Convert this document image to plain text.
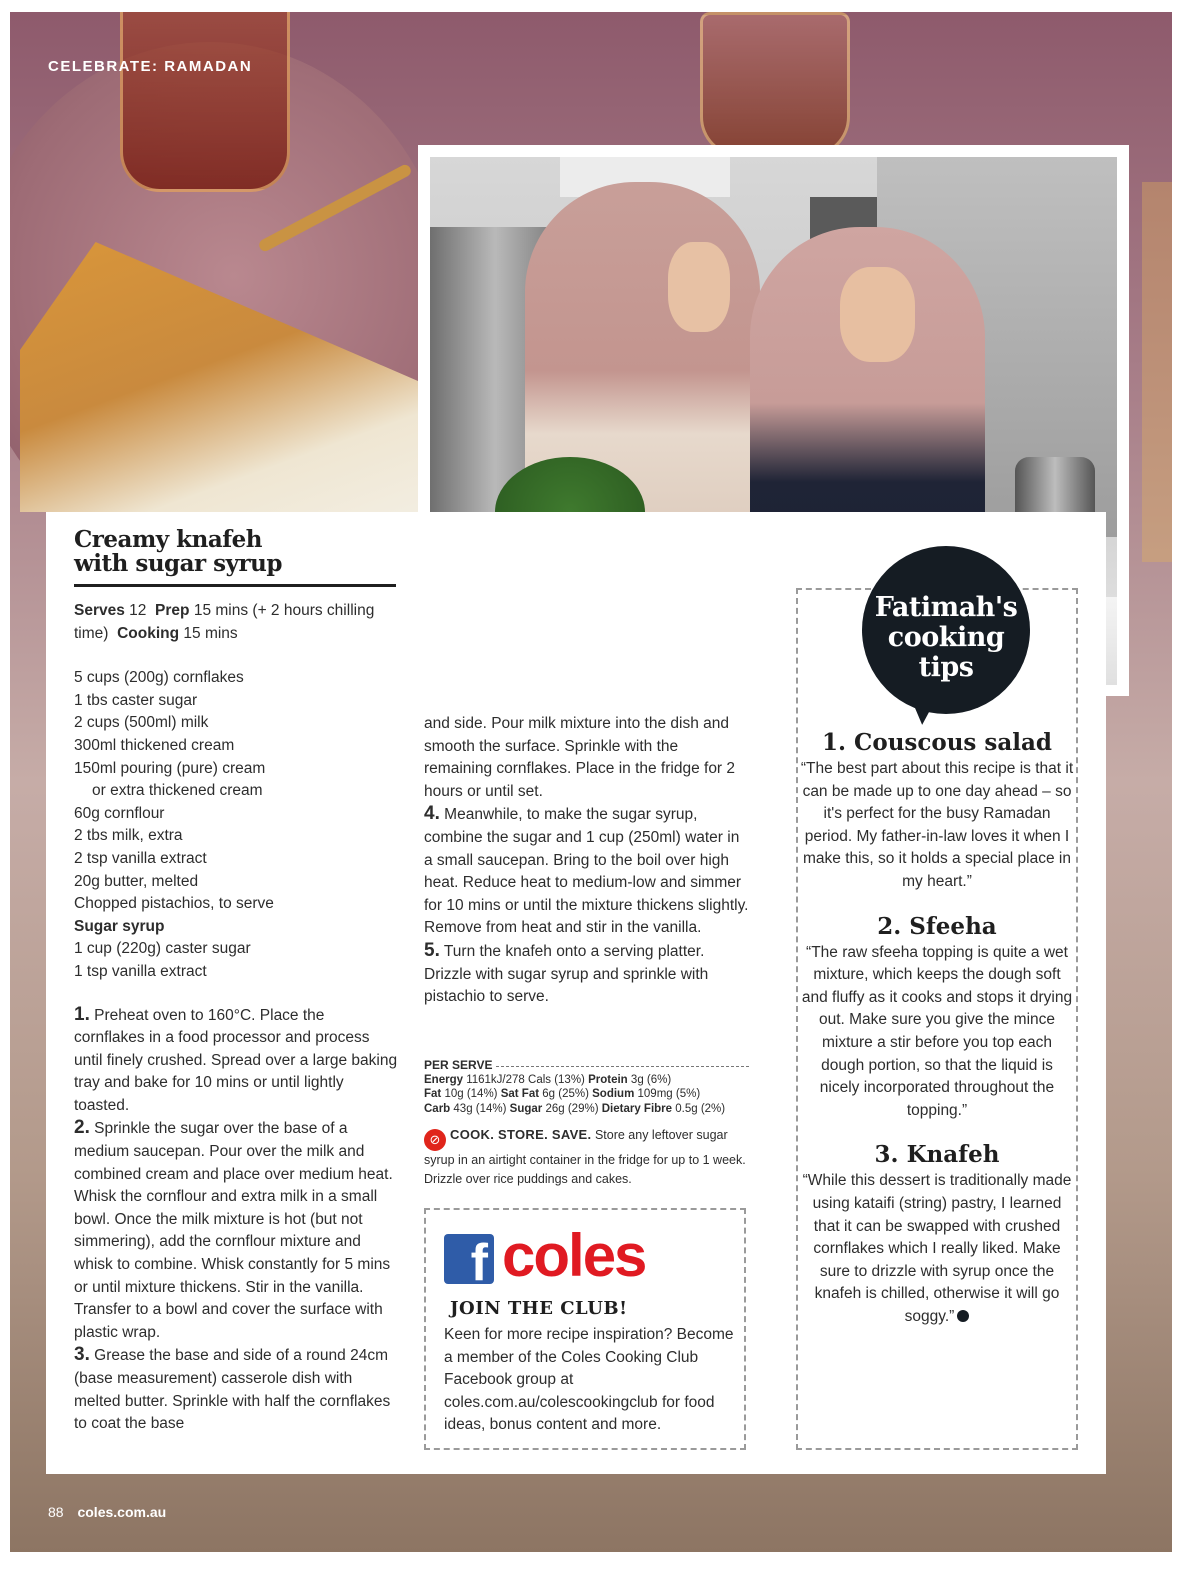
CELEBRATE: RAMADAN
Creamy knafeh
with sugar syrup
Serves 12 Prep 15 mins (+ 2 hours chilling time) Cooking 15 mins
5 cups (200g) cornflakes
1 tbs caster sugar
2 cups (500ml) milk
300ml thickened cream
150ml pouring (pure) cream
or extra thickened cream
60g cornflour
2 tbs milk, extra
2 tsp vanilla extract
20g butter, melted
Chopped pistachios, to serve
Sugar syrup
1 cup (220g) caster sugar
1 tsp vanilla extract
1. Preheat oven to 160°C. Place the cornflakes in a food processor and process until finely crushed. Spread over a large baking tray and bake for 10 mins or until lightly toasted.
2. Sprinkle the sugar over the base of a medium saucepan. Pour over the milk and combined cream and place over medium heat. Whisk the cornflour and extra milk in a small bowl. Once the milk mixture is hot (but not simmering), add the cornflour mixture and whisk to combine. Whisk constantly for 5 mins or until mixture thickens. Stir in the vanilla. Transfer to a bowl and cover the surface with plastic wrap.
3. Grease the base and side of a round 24cm (base measurement) casserole dish with melted butter. Sprinkle with half the cornflakes to coat the base
and side. Pour milk mixture into the dish and smooth the surface. Sprinkle with the remaining cornflakes. Place in the fridge for 2 hours or until set.
4. Meanwhile, to make the sugar syrup, combine the sugar and 1 cup (250ml) water in a small saucepan. Bring to the boil over high heat. Reduce heat to medium-low and simmer for 10 mins or until the mixture thickens slightly. Remove from heat and stir in the vanilla.
5. Turn the knafeh onto a serving platter. Drizzle with sugar syrup and sprinkle with pistachio to serve.
PER SERVE
Energy 1161kJ/278 Cals (13%) Protein 3g (6%)
Fat 10g (14%) Sat Fat 6g (25%) Sodium 109mg (5%)
Carb 43g (14%) Sugar 26g (29%) Dietary Fibre 0.5g (2%)
⊘ COOK. STORE. SAVE. Store any leftover sugar syrup in an airtight container in the fridge for up to 1 week. Drizzle over rice puddings and cakes.
f coles
JOIN THE CLUB!
Keen for more recipe inspiration? Become a member of the Coles Cooking Club Facebook group at coles.com.au/colescookingclub for food ideas, bonus content and more.
Fatimah's
cooking
tips
1. Couscous salad
“The best part about this recipe is that it can be made up to one day ahead – so it's perfect for the busy Ramadan period. My father-in-law loves it when I make this, so it holds a special place in my heart.”
2. Sfeeha
“The raw sfeeha topping is quite a wet mixture, which keeps the dough soft and fluffy as it cooks and stops it drying out. Make sure you give the mince mixture a stir before you top each dough portion, so that the liquid is nicely incorporated throughout the topping.”
3. Knafeh
“While this dessert is traditionally made using kataifi (string) pastry, I learned that it can be swapped with crushed cornflakes which I really liked. Make sure to drizzle with syrup once the knafeh is chilled, otherwise it will go soggy.”
88 coles.com.au
